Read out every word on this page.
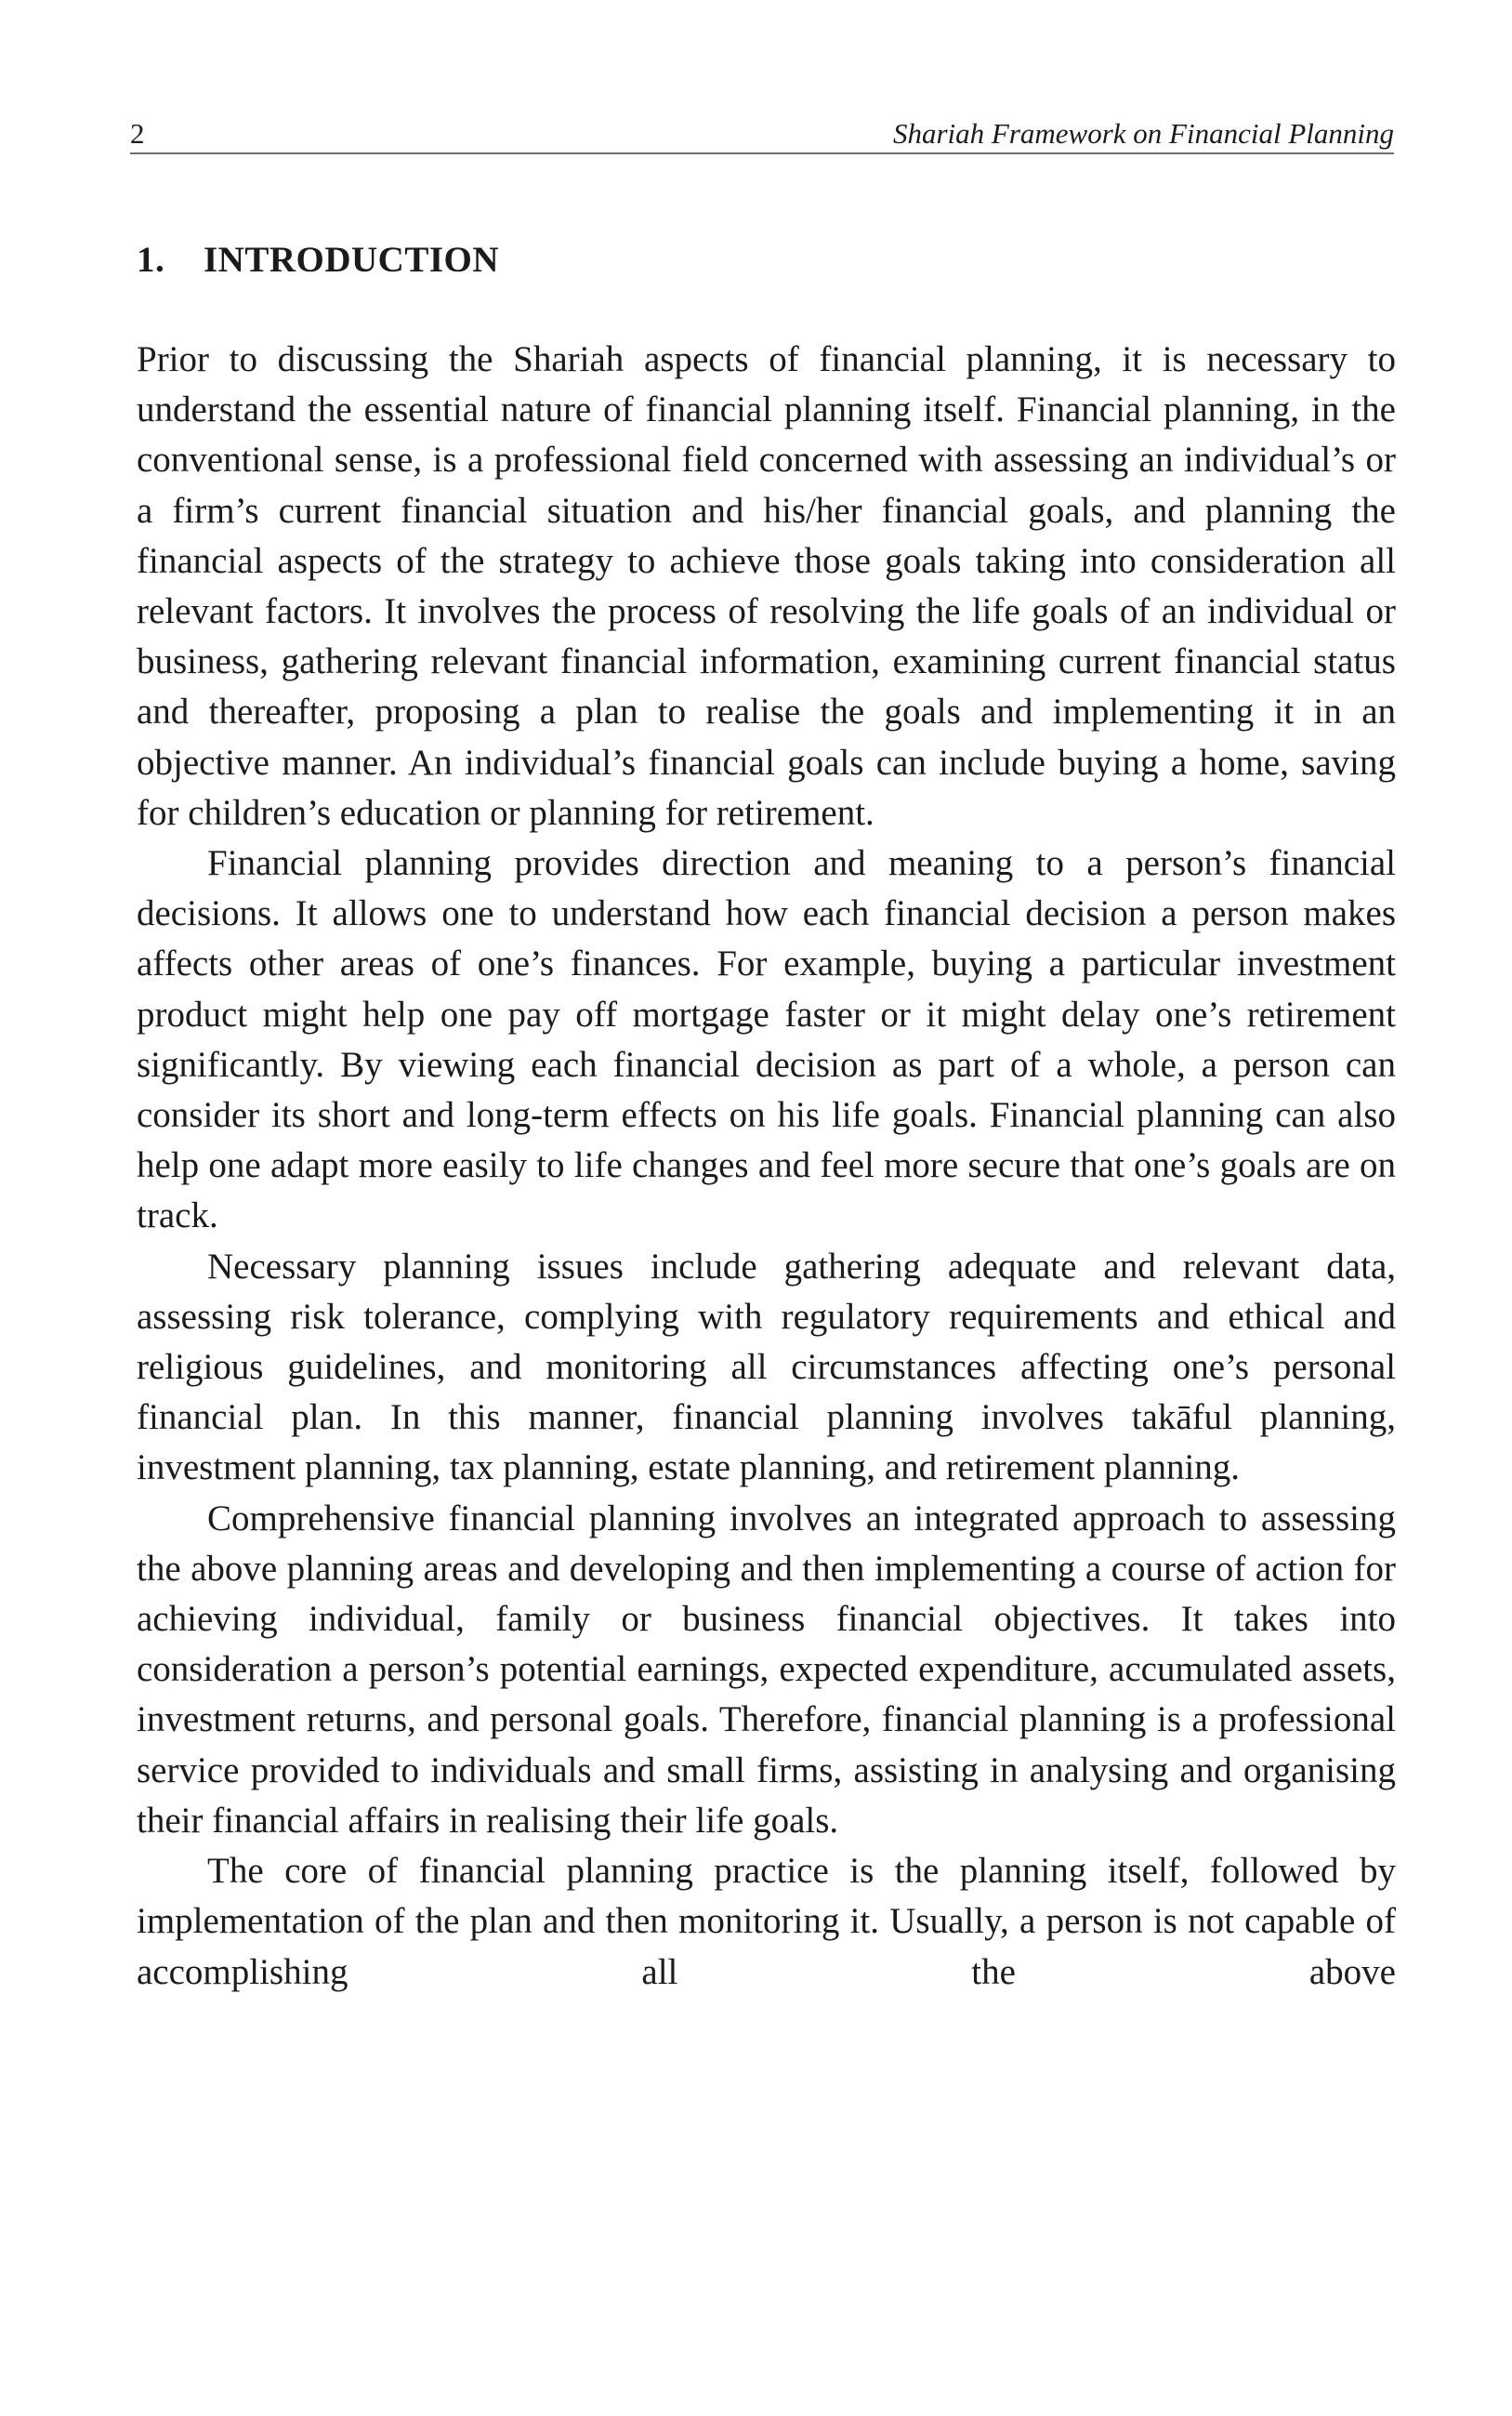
2	Shariah Framework on Financial Planning
1. INTRODUCTION

Prior to discussing the Shariah aspects of financial planning, it is necessary to understand the essential nature of financial planning itself. Financial planning, in the conventional sense, is a professional field concerned with assessing an individual’s or a firm’s current financial situation and his/her financial goals, and planning the financial aspects of the strategy to achieve those goals taking into consideration all relevant factors. It involves the process of resolving the life goals of an individual or business, gathering relevant financial information, examining current financial status and thereafter, proposing a plan to realise the goals and implementing it in an objective manner. An individual’s financial goals can include buying a home, saving for children’s education or planning for retirement.

Financial planning provides direction and meaning to a person’s financial decisions. It allows one to understand how each financial decision a person makes affects other areas of one’s finances. For example, buying a particular investment product might help one pay off mortgage faster or it might delay one’s retirement significantly. By viewing each financial decision as part of a whole, a person can consider its short and long-term effects on his life goals. Financial planning can also help one adapt more easily to life changes and feel more secure that one’s goals are on track.

Necessary planning issues include gathering adequate and relevant data, assessing risk tolerance, complying with regulatory requirements and ethical and religious guidelines, and monitoring all circumstances affecting one’s personal financial plan. In this manner, financial planning involves takāful planning, investment planning, tax planning, estate planning, and retirement planning.

Comprehensive financial planning involves an integrated approach to assessing the above planning areas and developing and then implementing a course of action for achieving individual, family or business financial objectives. It takes into consideration a person’s potential earnings, expected expenditure, accumulated assets, investment returns, and personal goals. Therefore, financial planning is a professional service provided to individuals and small firms, assisting in analysing and organising their financial affairs in realising their life goals.

The core of financial planning practice is the planning itself, followed by implementation of the plan and then monitoring it. Usually, a person is not capable of accomplishing all the above
